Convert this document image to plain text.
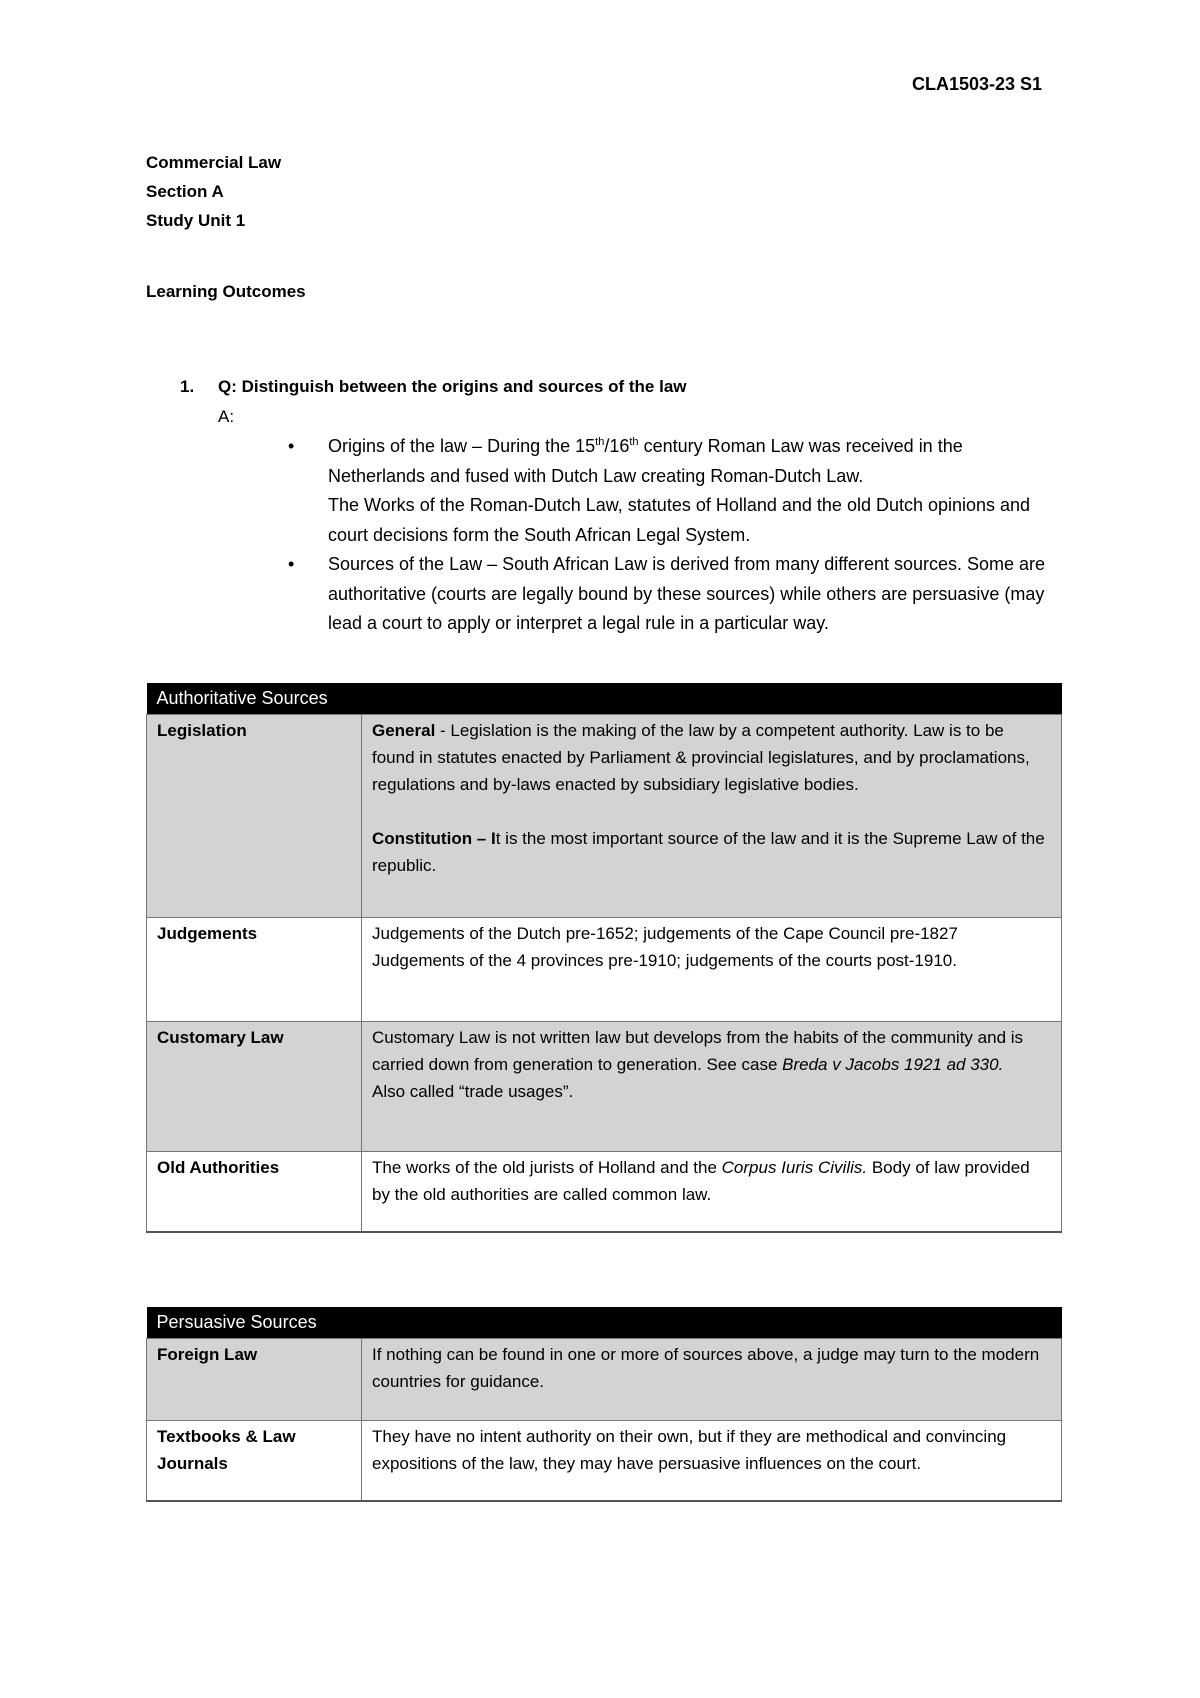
CLA1503-23 S1
Commercial Law
Section A
Study Unit 1
Learning Outcomes
1. Q: Distinguish between the origins and sources of the law
A:
• Origins of the law – During the 15th/16th century Roman Law was received in the Netherlands and fused with Dutch Law creating Roman-Dutch Law.
The Works of the Roman-Dutch Law, statutes of Holland and the old Dutch opinions and court decisions form the South African Legal System.
• Sources of the Law – South African Law is derived from many different sources. Some are authoritative (courts are legally bound by these sources) while others are persuasive (may lead a court to apply or interpret a legal rule in a particular way.
Authoritative Sources	
Legislation	General - Legislation is the making of the law by a competent authority. Law is to be found in statutes enacted by Parliament & provincial legislatures, and by proclamations, regulations and by-laws enacted by subsidiary legislative bodies.
Constitution – It is the most important source of the law and it is the Supreme Law of the republic.
Judgements	Judgements of the Dutch pre-1652; judgements of the Cape Council pre-1827 Judgements of the 4 provinces pre-1910; judgements of the courts post-1910.
Customary Law	Customary Law is not written law but develops from the habits of the community and is carried down from generation to generation. See case Breda v Jacobs 1921 ad 330.
Also called “trade usages”.
Old Authorities	The works of the old jurists of Holland and the Corpus Iuris Civilis. Body of law provided by the old authorities are called common law.
Persuasive Sources	
Foreign Law	If nothing can be found in one or more of sources above, a judge may turn to the modern countries for guidance.
Textbooks & Law Journals	They have no intent authority on their own, but if they are methodical and convincing expositions of the law, they may have persuasive influences on the court.
